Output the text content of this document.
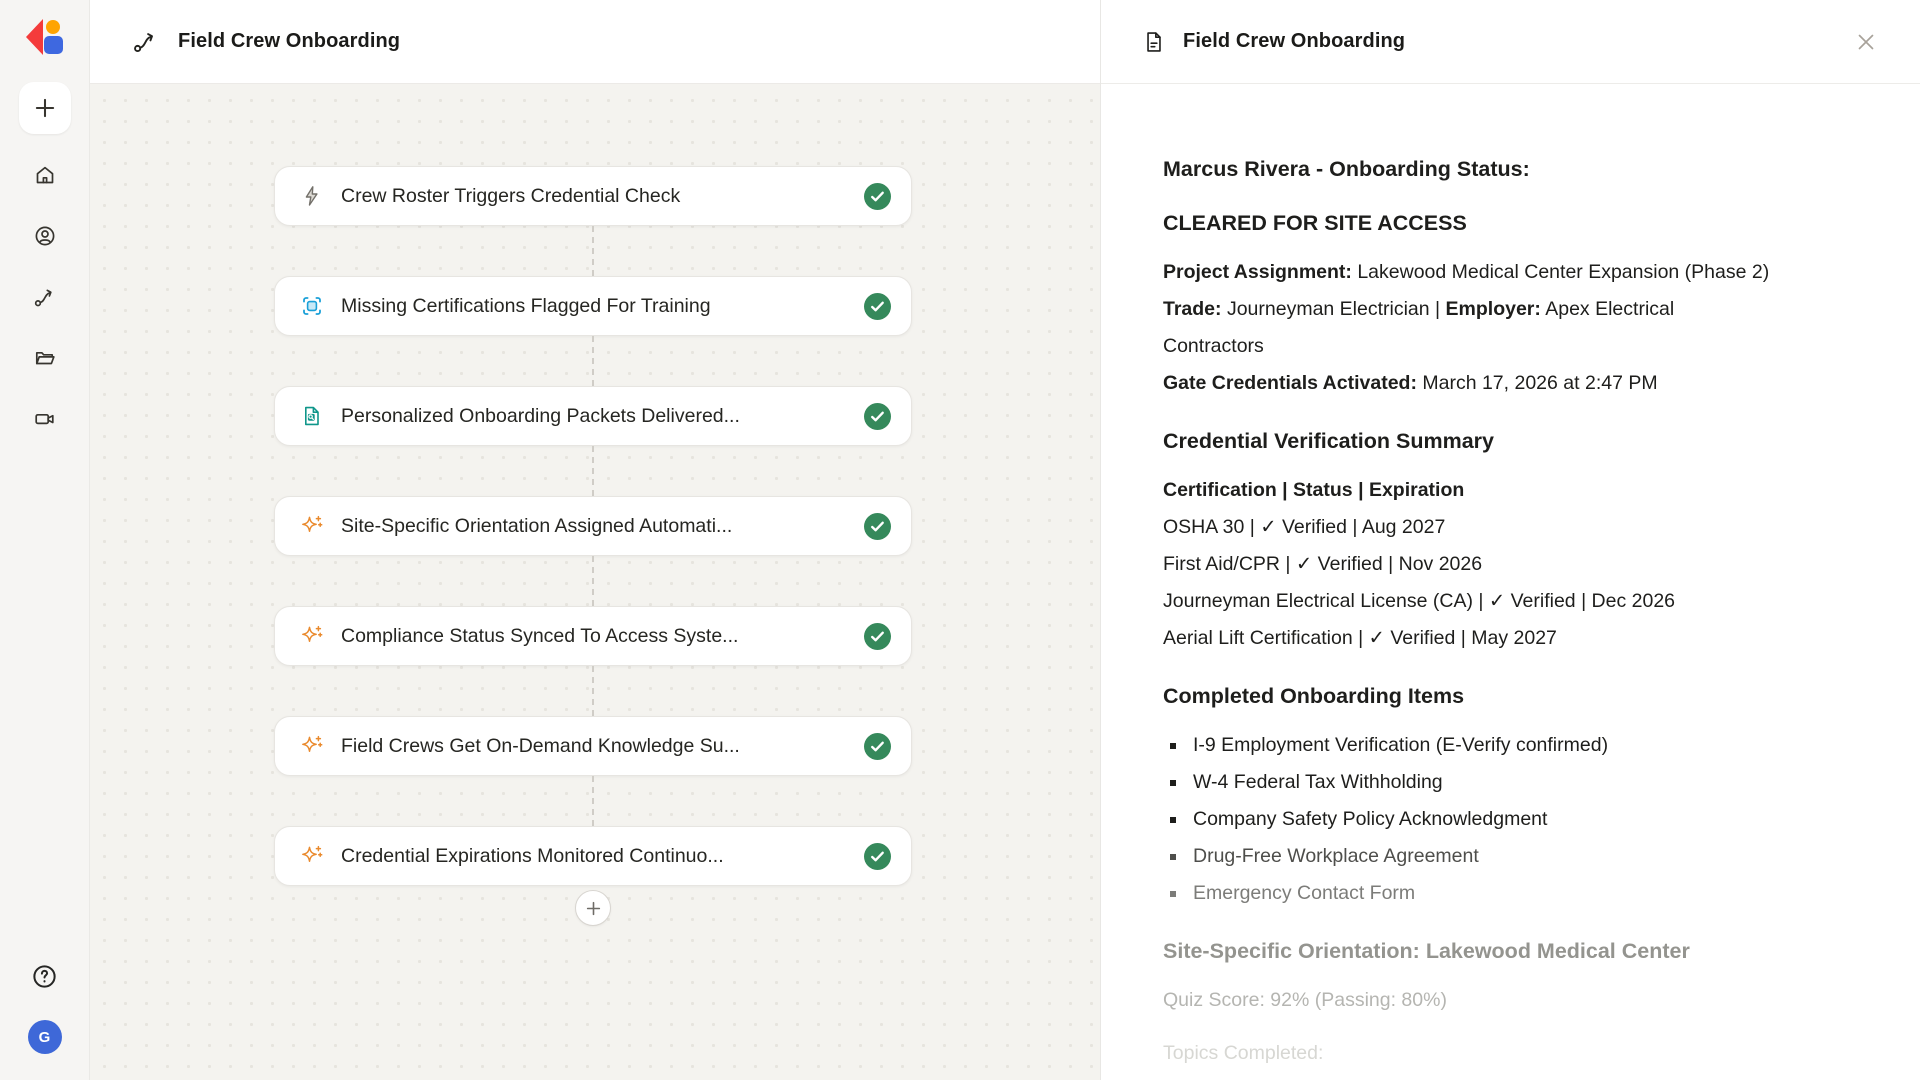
G
Field Crew Onboarding
Crew Roster Triggers Credential Check
Missing Certifications Flagged For Training
Personalized Onboarding Packets Delivered...
Site-Specific Orientation Assigned Automati...
Compliance Status Synced To Access Syste...
Field Crews Get On-Demand Knowledge Su...
Credential Expirations Monitored Continuo...
Field Crew Onboarding
Marcus Rivera - Onboarding Status:
CLEARED FOR SITE ACCESS
Project Assignment: Lakewood Medical Center Expansion (Phase 2)
Trade: Journeyman Electrician | Employer: Apex Electrical
Contractors
Gate Credentials Activated: March 17, 2026 at 2:47 PM
Credential Verification Summary
Certification | Status | Expiration
OSHA 30 | ✓ Verified | Aug 2027
First Aid/CPR | ✓ Verified | Nov 2026
Journeyman Electrical License (CA) | ✓ Verified | Dec 2026
Aerial Lift Certification | ✓ Verified | May 2027
Completed Onboarding Items
I-9 Employment Verification (E-Verify confirmed)
W-4 Federal Tax Withholding
Company Safety Policy Acknowledgment
Drug-Free Workplace Agreement
Emergency Contact Form
Site-Specific Orientation: Lakewood Medical Center
Quiz Score: 92% (Passing: 80%)
Topics Completed:
